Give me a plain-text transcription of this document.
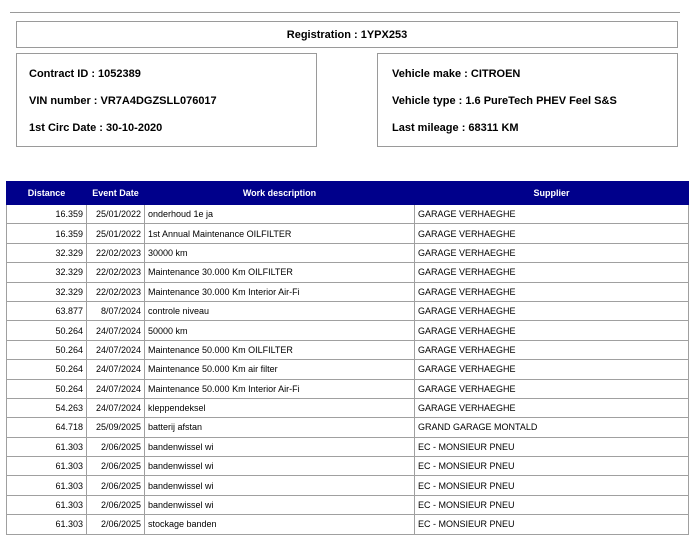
Registration : 1YPX253
Contract ID : 1052389
VIN number : VR7A4DGZSLL076017
1st Circ Date : 30-10-2020
Vehicle make : CITROEN
Vehicle type : 1.6 PureTech PHEV Feel S&S
Last mileage : 68311 KM
Distance	Event Date	Work description	Supplier
16.359	25/01/2022	onderhoud 1e ja	GARAGE VERHAEGHE
16.359	25/01/2022	1st Annual Maintenance OILFILTER	GARAGE VERHAEGHE
32.329	22/02/2023	30000 km	GARAGE VERHAEGHE
32.329	22/02/2023	Maintenance 30.000 Km OILFILTER	GARAGE VERHAEGHE
32.329	22/02/2023	Maintenance 30.000 Km Interior Air-Fi	GARAGE VERHAEGHE
63.877	8/07/2024	controle niveau	GARAGE VERHAEGHE
50.264	24/07/2024	50000 km	GARAGE VERHAEGHE
50.264	24/07/2024	Maintenance 50.000 Km OILFILTER	GARAGE VERHAEGHE
50.264	24/07/2024	Maintenance 50.000 Km air filter	GARAGE VERHAEGHE
50.264	24/07/2024	Maintenance 50.000 Km Interior Air-Fi	GARAGE VERHAEGHE
54.263	24/07/2024	kleppendeksel	GARAGE VERHAEGHE
64.718	25/09/2025	batterij afstan	GRAND GARAGE MONTALD
61.303	2/06/2025	bandenwissel wi	EC - MONSIEUR PNEU
61.303	2/06/2025	bandenwissel wi	EC - MONSIEUR PNEU
61.303	2/06/2025	bandenwissel wi	EC - MONSIEUR PNEU
61.303	2/06/2025	bandenwissel wi	EC - MONSIEUR PNEU
61.303	2/06/2025	stockage banden	EC - MONSIEUR PNEU
